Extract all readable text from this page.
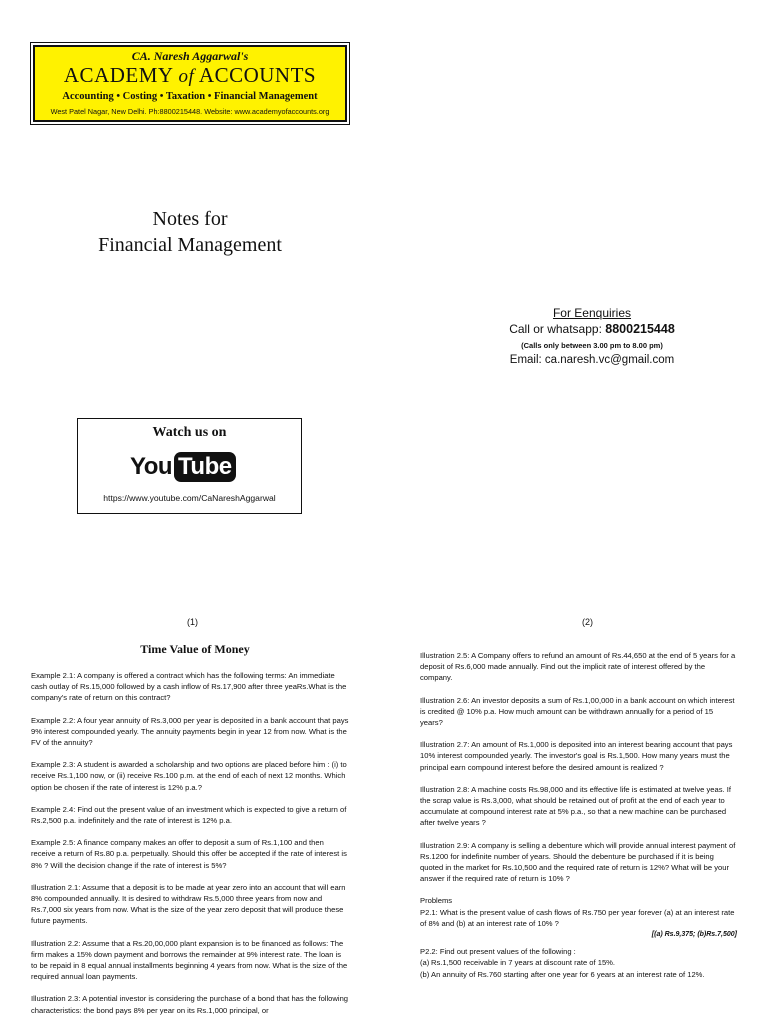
CA. Naresh Aggarwal's
ACADEMY of ACCOUNTS
Accounting • Costing • Taxation • Financial Management
West Patel Nagar, New Delhi. Ph:8800215448. Website: www.academyofaccounts.org
Notes for
Financial Management
For Eenquiries
Call or whatsapp: 8800215448
(Calls only between 3.00 pm to 8.00 pm)
Email: ca.naresh.vc@gmail.com
Watch us on
You Tube
https://www.youtube.com/CaNareshAggarwal
(1)	(2)
Time Value of Money

Example 2.1: A company is offered a contract which has the following terms: An immediate cash outlay of Rs.15,000 followed by a cash inflow of Rs.17,900 after three yeaRs.What is the company's rate of return on this contract?

Example 2.2: A four year annuity of Rs.3,000 per year is deposited in a bank account that pays 9% interest compounded yearly. The annuity payments begin in year 12 from now. What is the FV of the annuity?

Example 2.3: A student is awarded a scholarship and two options are placed before him : (i) to receive Rs.1,100 now, or (ii) receive Rs.100 p.m. at the end of each of next 12 months. Which option be chosen if the rate of interest is 12% p.a.?

Example 2.4: Find out the present value of an investment which is expected to give a return of Rs.2,500 p.a. indefinitely and the rate of interest is 12% p.a.

Example 2.5: A finance company makes an offer to deposit a sum of Rs.1,100 and then receive a return of Rs.80 p.a. perpetually. Should this offer be accepted if the rate of interest is 8% ? Will the decision change if the rate of interest is 5%?

Illustration 2.1: Assume that a deposit is to be made at year zero into an account that will earn 8% compounded annually. It is desired to withdraw Rs.5,000 three years from now and Rs.7,000 six years from now. What is the size of the year zero deposit that will produce these future payments.

Illustration 2.2: Assume that a Rs.20,00,000 plant expansion is to be financed as follows: The firm makes a 15% down payment and borrows the remainder at 9% interest rate. The loan is to be repaid in 8 equal annual installments beginning 4 years from now. What is the size of the required annual loan payments.

Illustration 2.3: A potential investor is considering the purchase of a bond that has the following characteristics: the bond pays 8% per year on its Rs.1,000 principal, or

Illustration 2.5: A Company offers to refund an amount of Rs.44,650 at the end of 5 years for a deposit of Rs.6,000 made annually. Find out the implicit rate of interest offered by the company.

Illustration 2.6: An investor deposits a sum of Rs.1,00,000 in a bank account on which interest is credited @ 10% p.a. How much amount can be withdrawn annually for a period of 15 years?

Illustration 2.7: An amount of Rs.1,000 is deposited into an interest bearing account that pays 10% interest compounded yearly. The investor's goal is Rs.1,500. How many years must the principal earn compound interest before the desired amount is realized ?

Illustration 2.8: A machine costs Rs.98,000 and its effective life is estimated at twelve yeas. If the scrap value is Rs.3,000, what should be retained out of profit at the end of each year to accumulate at compound interest rate at 5% p.a., so that a new machine can be purchased after twelve years ?

Illustration 2.9: A company is selling a debenture which will provide annual interest payment of Rs.1200 for indefinite number of years. Should the debenture be purchased if it is being quoted in the market for Rs.10,500 and the required rate of return is 12%? What will be your answer if the required rate of return is 10% ?

Problems

P2.1: What is the present value of cash flows of Rs.750 per year forever (a) at an interest rate of 8% and (b) at an interest rate of 10% ?

[(a) Rs.9,375; (b)Rs.7,500]

P2.2: Find out present values of the following :

(a) Rs.1,500 receivable in 7 years at discount rate of 15%.
(b) An annuity of Rs.760 starting after one year for 6 years at an interest rate of 12%.
